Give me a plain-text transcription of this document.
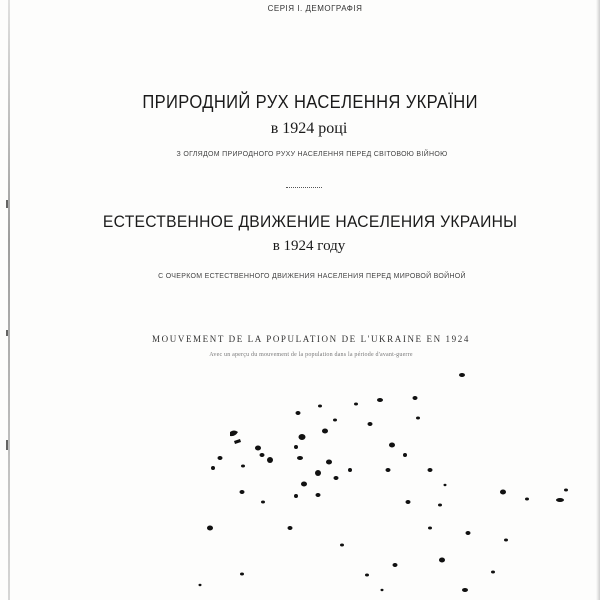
СЕРІЯ І. ДЕМОГРАФІЯ
ПРИРОДНИЙ РУХ НАСЕЛЕННЯ УКРАЇНИ
в 1924 році
З ОГЛЯДОМ ПРИРОДНОГО РУХУ НАСЕЛЕННЯ ПЕРЕД СВІТОВОЮ ВІЙНОЮ
ЕСТЕСТВЕННОЕ ДВИЖЕНИЕ НАСЕЛЕНИЯ УКРАИНЫ
в 1924 году
С ОЧЕРКОМ ЕСТЕСТВЕННОГО ДВИЖЕНИЯ НАСЕЛЕНИЯ ПЕРЕД МИРОВОЙ ВОЙНОЙ
MOUVEMENT DE LA POPULATION DE L'UKRAINE EN 1924
Avec un aperçu du mouvement de la population dans la période d'avant-guerre
